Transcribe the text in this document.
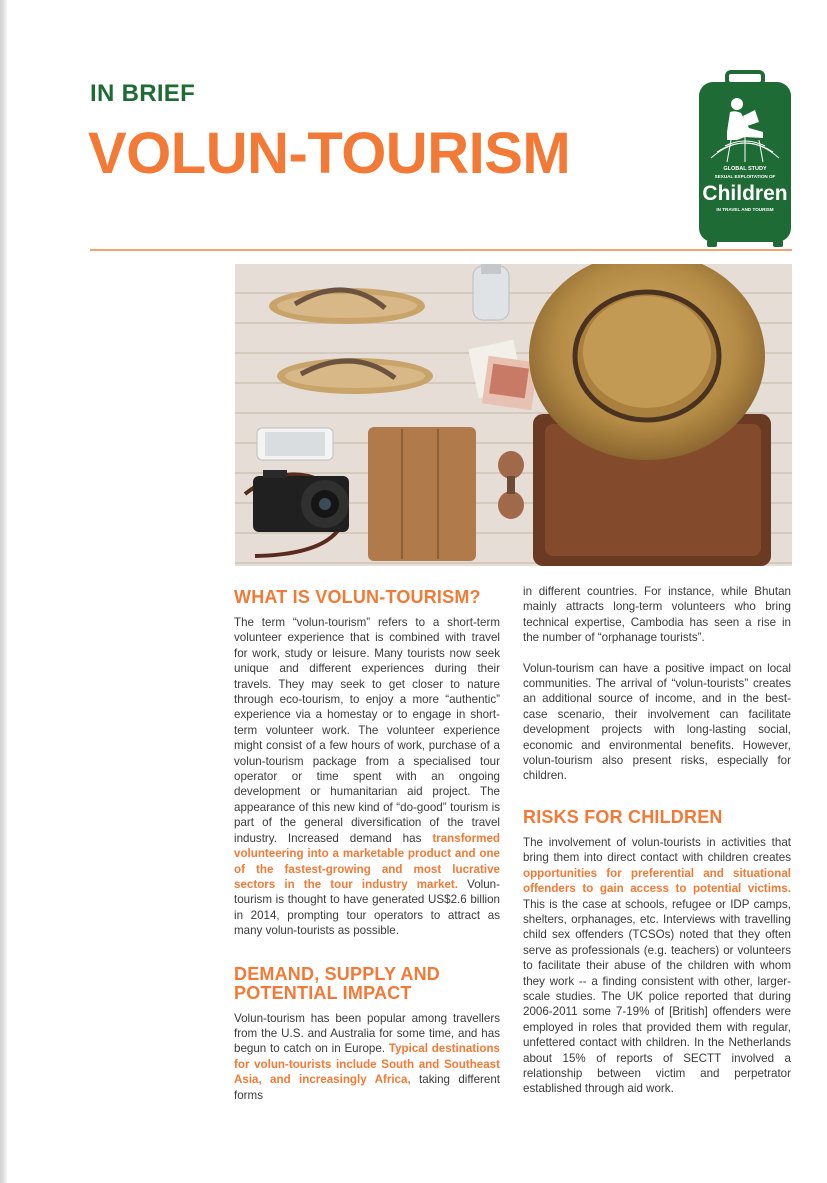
IN BRIEF
VOLUN-TOURISM	GLOBAL STUDY
SEXUAL EXPLOITATION OF
Children
IN TRAVEL AND TOURISM
WHAT IS VOLUN-TOURISM?

The term “volun-tourism” refers to a short-term volunteer experience that is combined with travel for work, study or leisure. Many tourists now seek unique and different experiences during their travels. They may seek to get closer to nature through eco-tourism, to enjoy a more “authentic” experience via a homestay or to engage in short-term volunteer work. The volunteer experience might consist of a few hours of work, purchase of a volun-tourism package from a specialised tour operator or time spent with an ongoing development or humanitarian aid project. The appearance of this new kind of “do-good” tourism is part of the general diversification of the travel industry. Increased demand has transformed volunteering into a marketable product and one of the fastest-growing and most lucrative sectors in the tour industry market. Volun-tourism is thought to have generated US$2.6 billion in 2014, prompting tour operators to attract as many volun-tourists as possible.

DEMAND, SUPPLY AND POTENTIAL IMPACT

Volun-tourism has been popular among travellers from the U.S. and Australia for some time, and has begun to catch on in Europe. Typical destinations for volun-tourists include South and Southeast Asia, and increasingly Africa, taking different forms

in different countries. For instance, while Bhutan mainly attracts long-term volunteers who bring technical expertise, Cambodia has seen a rise in the number of “orphanage tourists”.

Volun-tourism can have a positive impact on local communities. The arrival of “volun-tourists” creates an additional source of income, and in the best-case scenario, their involvement can facilitate development projects with long-lasting social, economic and environmental benefits. However, volun-tourism also present risks, especially for children.

RISKS FOR CHILDREN

The involvement of volun-tourists in activities that bring them into direct contact with children creates opportunities for preferential and situational offenders to gain access to potential victims. This is the case at schools, refugee or IDP camps, shelters, orphanages, etc. Interviews with travelling child sex offenders (TCSOs) noted that they often serve as professionals (e.g. teachers) or volunteers to facilitate their abuse of the children with whom they work -- a finding consistent with other, larger-scale studies. The UK police reported that during 2006-2011 some 7-19% of [British] offenders were employed in roles that provided them with regular, unfettered contact with children. In the Netherlands about 15% of reports of SECTT involved a relationship between victim and perpetrator established through aid work.
